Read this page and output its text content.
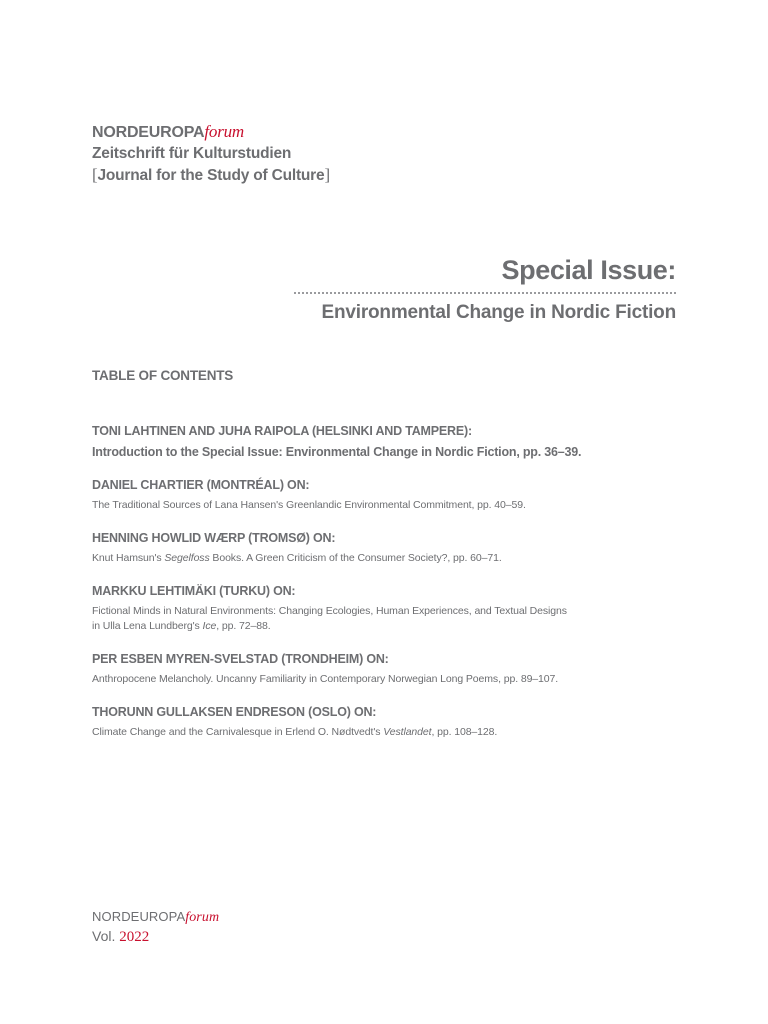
NORDEUROPAforum
Zeitschrift für Kulturstudien
[Journal for the Study of Culture]
Special Issue:
Environmental Change in Nordic Fiction
TABLE OF CONTENTS
TONI LAHTINEN AND JUHA RAIPOLA (HELSINKI AND TAMPERE):
Introduction to the Special Issue: Environmental Change in Nordic Fiction, pp. 36–39.
DANIEL CHARTIER (MONTRÉAL) ON:
The Traditional Sources of Lana Hansen's Greenlandic Environmental Commitment, pp. 40–59.
HENNING HOWLID WÆRP (TROMSØ) ON:
Knut Hamsun's Segelfoss Books. A Green Criticism of the Consumer Society?, pp. 60–71.
MARKKU LEHTIMÄKI (TURKU) ON:
Fictional Minds in Natural Environments: Changing Ecologies, Human Experiences, and Textual Designs
in Ulla Lena Lundberg's Ice, pp. 72–88.
PER ESBEN MYREN-SVELSTAD (TRONDHEIM) ON:
Anthropocene Melancholy. Uncanny Familiarity in Contemporary Norwegian Long Poems, pp. 89–107.
THORUNN GULLAKSEN ENDRESON (OSLO) ON:
Climate Change and the Carnivalesque in Erlend O. Nødtvedt's Vestlandet, pp. 108–128.
NORDEUROPAforum
Vol. 2022
